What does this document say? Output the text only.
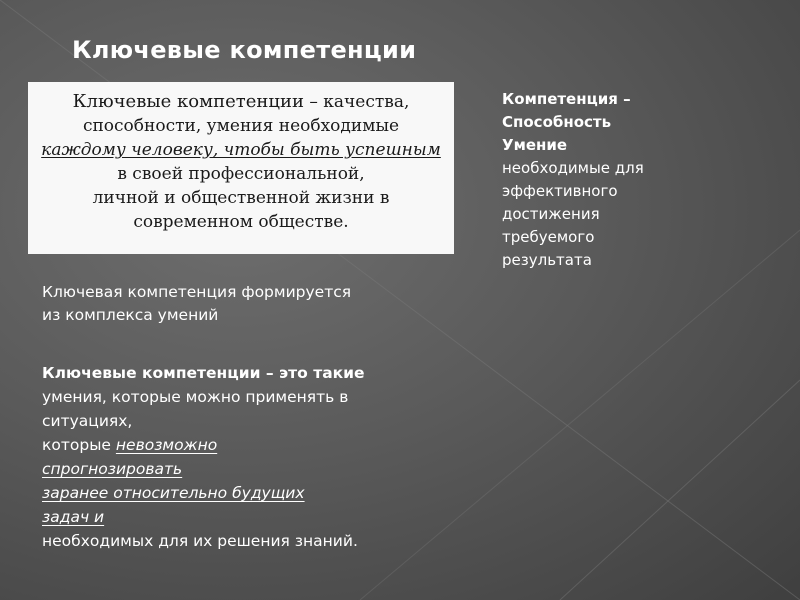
Ключевые компетенции
Ключевые компетенции – качества,
способности, умения необходимые
каждому человеку, чтобы быть успешным
в своей профессиональной,
личной и общественной жизни в
современном обществе.
Ключевая компетенция формируется
из комплекса умений
Ключевые компетенции – это такие
умения, которые можно применять в
ситуациях,
которые невозможно
спрогнозировать
заранее относительно будущих
задач и
необходимых для их решения знаний.
Компетенция –
Способность
Умение
необходимые для
эффективного
достижения
требуемого
результата
